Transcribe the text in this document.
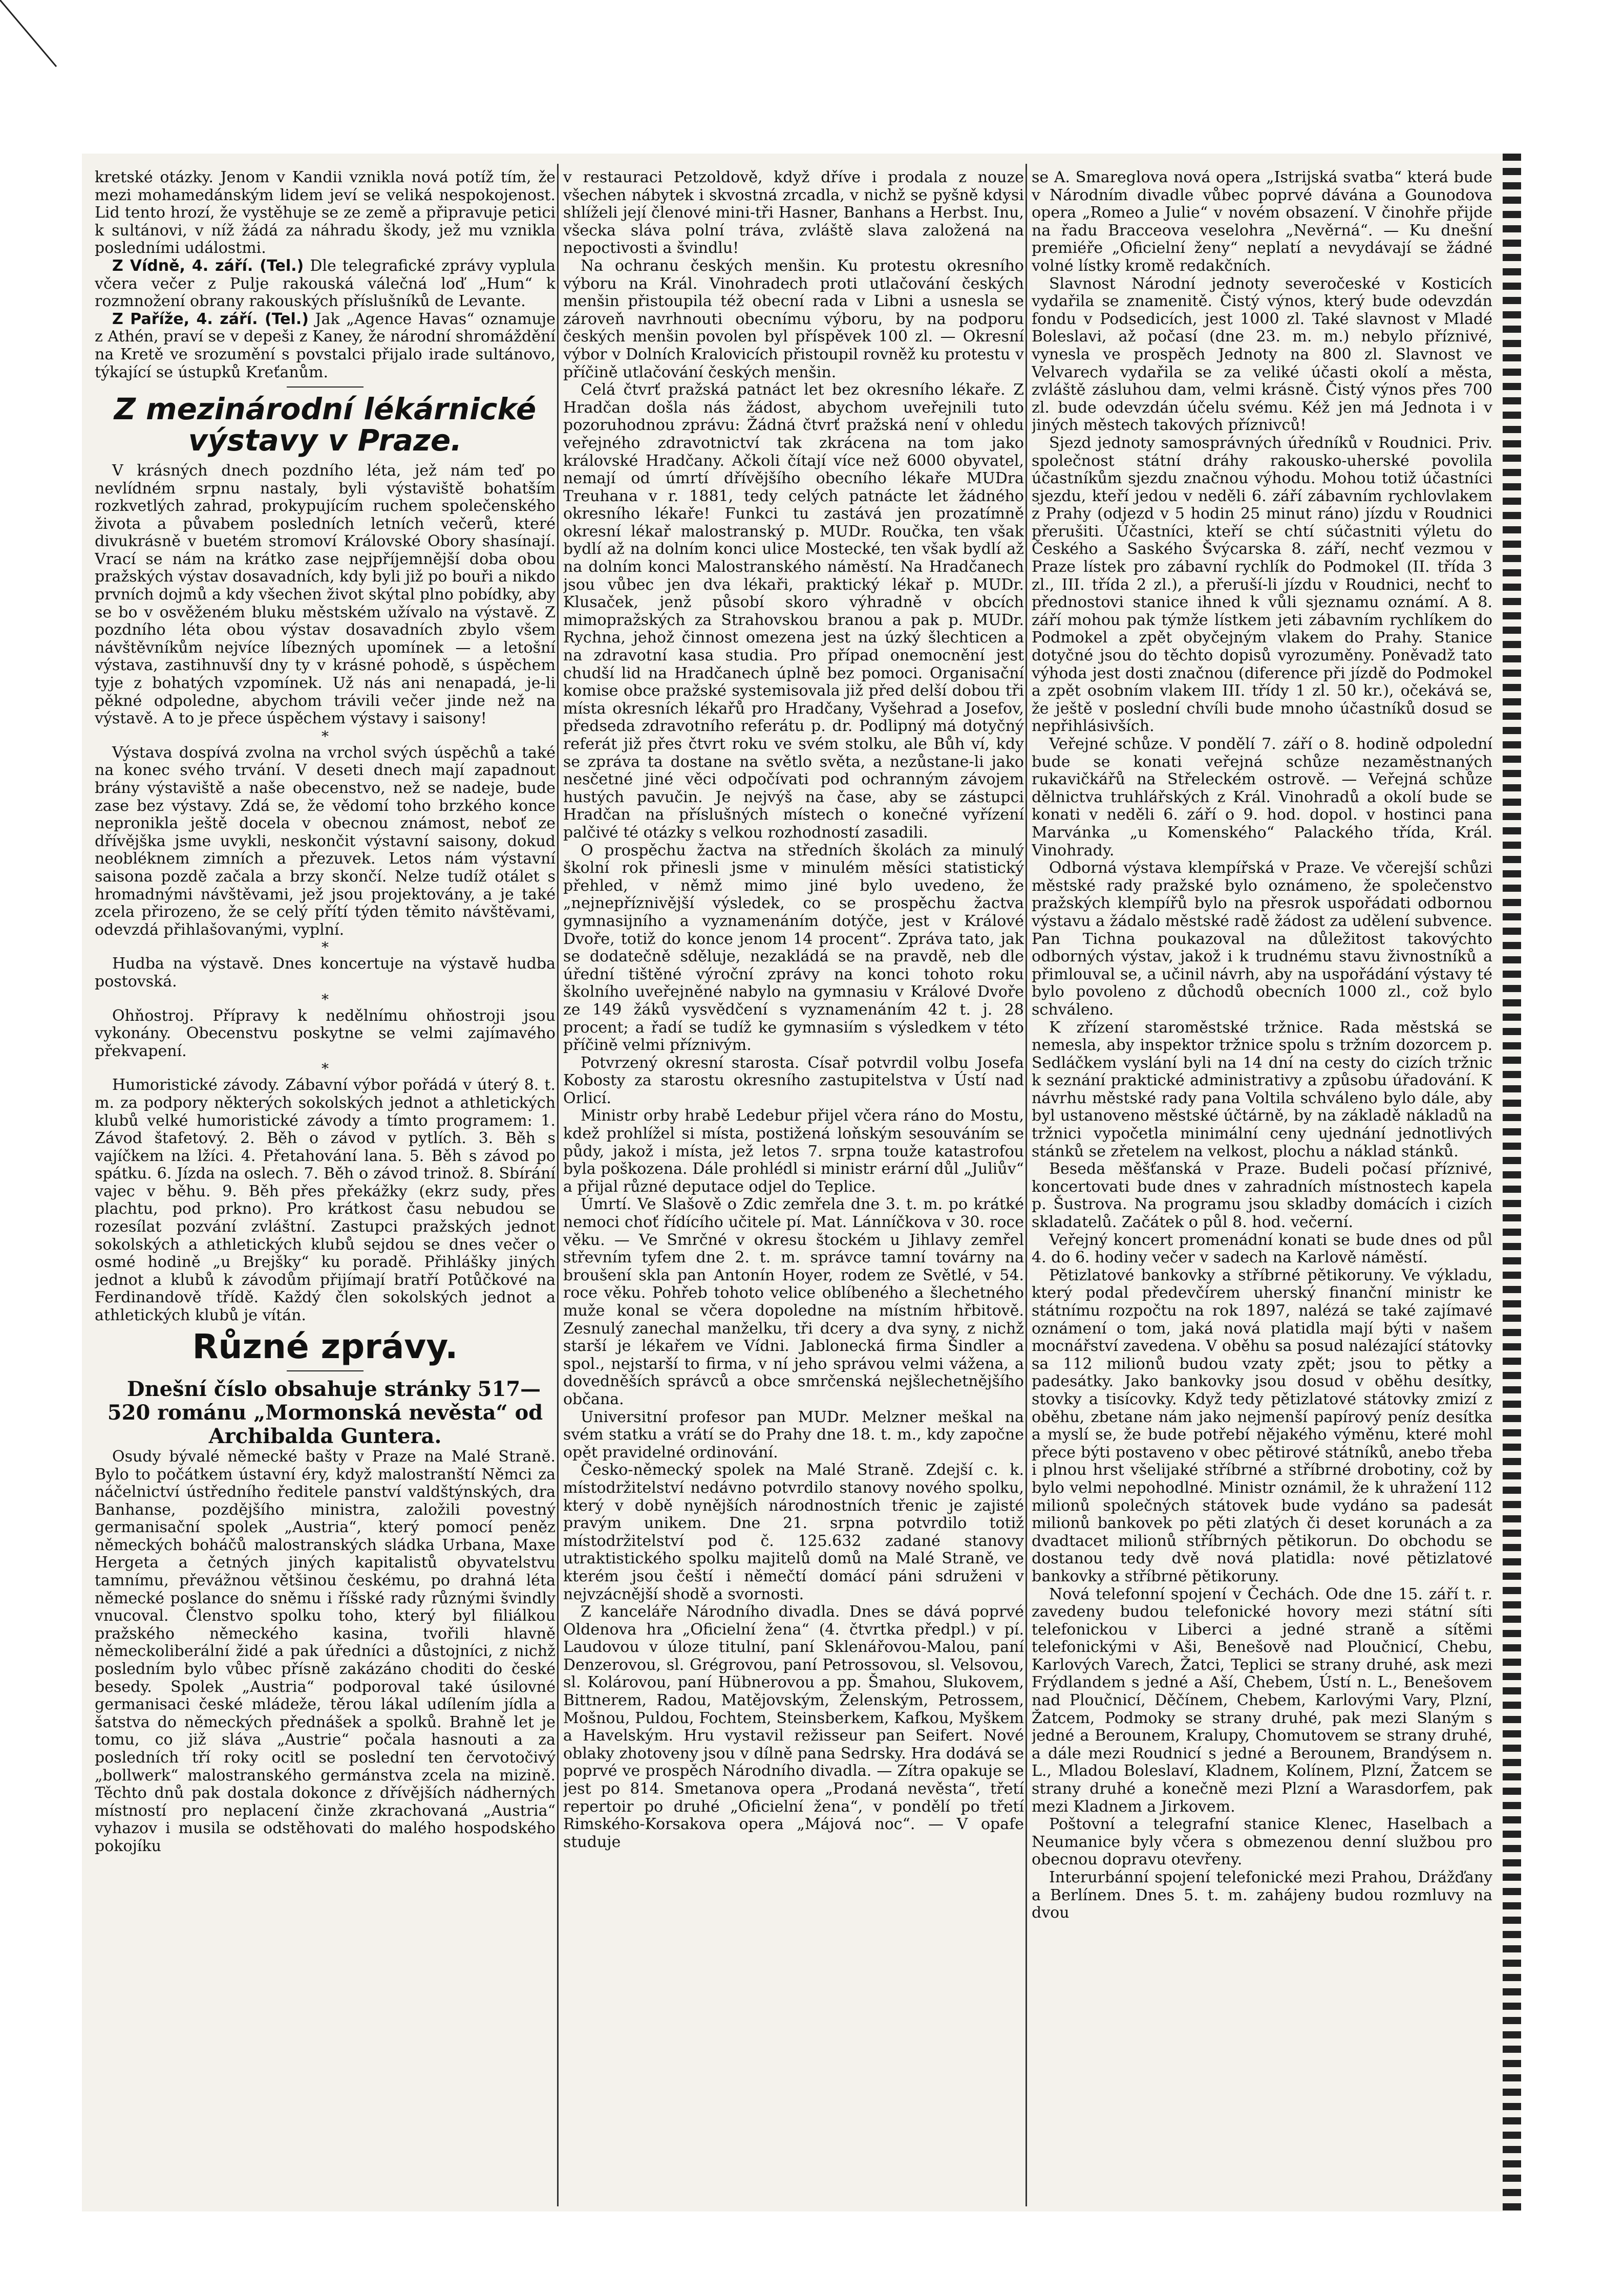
kretské otázky. Jenom v Kandii vznikla nová potíž tím, že mezi mohamedánským lidem jeví se veliká nespokojenost. Lid tento hrozí, že vystěhuje se ze země a připravuje petici k sultánovi, v níž žádá za náhradu škody, jež mu vznikla posledními událostmi.

Z Vídně, 4. září. (Tel.) Dle telegrafické zprávy vyplula včera večer z Pulje rakouská válečná loď „Hum“ k rozmnožení obrany rakouských příslušníků de Levante.

Z Paříže, 4. září. (Tel.) Jak „Agence Havas“ oznamuje z Athén, praví se v depeši z Kaney, že národní shromáždění na Kretě ve srozumění s povstalci přijalo irade sultánovo, týkající se ústupků Kreťanům.

Z mezinárodní lékárnické výstavy v Praze.

V krásných dnech pozdního léta, jež nám teď po nevlídném srpnu nastaly, byli výstaviště bohatším rozkvetlých zahrad, prokypujícím ruchem společenského života a půvabem posledních letních večerů, které divukrásně v buetém stromoví Královské Obory shasínají. Vrací se nám na krátko zase nejpříjemnější doba obou pražských výstav dosavadních, kdy byli již po bouři a nikdo prvních dojmů a kdy všechen život skýtal plno pobídky, aby se bo v osvěženém bluku městském užívalo na výstavě. Z pozdního léta obou výstav dosavadních zbylo všem návštěvníkům nejvíce líbezných upomínek — a letošní výstava, zastihnuvší dny ty v krásné pohodě, s úspěchem tyje z bohatých vzpomínek. Už nás ani nenapadá, je-li pěkné odpoledne, abychom trávili večer jinde než na výstavě. A to je přece úspěchem výstavy i saisony!

*

Výstava dospívá zvolna na vrchol svých úspěchů a také na konec svého trvání. V deseti dnech mají zapadnout brány výstaviště a naše obecenstvo, než se nadeje, bude zase bez výstavy. Zdá se, že vědomí toho brzkého konce nepronikla ještě docela v obecnou známost, neboť ze dřívějška jsme uvykli, neskončit výstavní saisony, dokud neobléknem zimních a přezuvek. Letos nám výstavní saisona pozdě začala a brzy skončí. Nelze tudíž otálet s hromadnými návštěvami, jež jsou projektovány, a je také zcela přirozeno, že se celý přítí týden těmito návštěvami, odevzdá přihlašovanými, vyplní.

*

Hudba na výstavě. Dnes koncertuje na výstavě hudba postovská.

*

Ohňostroj. Přípravy k nedělnímu ohňostroji jsou vykonány. Obecenstvu poskytne se velmi zajímavého překvapení.

*

Humoristické závody. Zábavní výbor pořádá v úterý 8. t. m. za podpory některých sokolských jednot a athletických klubů velké humoristické závody a tímto programem: 1. Závod štafetový. 2. Běh o závod v pytlích. 3. Běh s vajíčkem na lžíci. 4. Přetahování lana. 5. Běh s závod po spátku. 6. Jízda na oslech. 7. Běh o závod trinož. 8. Sbírání vajec v běhu. 9. Běh přes překážky (ekrz sudy, přes plachtu, pod prkno). Pro krátkost času nebudou se rozesílat pozvání zvláštní. Zastupci pražských jednot sokolských a athletických klubů sejdou se dnes večer o osmé hodině „u Brejšky“ ku poradě. Přihlášky jiných jednot a klubů k závodům přijímají bratří Potůčkové na Ferdinandově třídě. Každý člen sokolských jednot a athletických klubů je vítán.

Různé zprávy.

Dnešní číslo obsahuje stránky 517—520 románu „Mormonská nevěsta“ od Archibalda Guntera.

Osudy bývalé německé bašty v Praze na Malé Straně. Bylo to počátkem ústavní éry, když malostranští Němci za náčelnictví ústředního ředitele panství valdštýnských, dra Banhanse, pozdějšího ministra, založili povestný germanisační spolek „Austria“, který pomocí peněz německých boháčů malostranských sládka Urbana, Maxe Hergeta a četných jiných kapitalistů obyvatelstvu tamnímu, převážnou většinou českému, po drahná léta německé poslance do sněmu i říšské rady různými švindly vnucoval. Členstvo spolku toho, který byl filiálkou pražského německého kasina, tvořili hlavně německoliberální židé a pak úředníci a důstojníci, z nichž posledním bylo vůbec přísně zakázáno choditi do české besedy. Spolek „Austria“ podporoval také úsilovné germanisaci české mládeže, těrou lákal udílením jídla a šatstva do německých přednášek a spolků. Brahně let je tomu, co již sláva „Austrie“ počala hasnouti a za posledních tří roky ocitl se poslední ten červotočivý „bollwerk“ malostranského germánstva zcela na mizině. Těchto dnů pak dostala dokonce z dřívějších nádherných místností pro neplacení činže zkrachovaná „Austria“ vyhazov i musila se odstěhovati do malého hospodského pokojíku

v restauraci Petzoldově, když dříve i prodala z nouze všechen nábytek i skvostná zrcadla, v nichž se pyšně kdysi shlíželi její členové mini-tři Hasner, Banhans a Herbst. Inu, všecka sláva polní tráva, zvláště slava založená na nepoctivosti a švindlu!

Na ochranu českých menšin. Ku protestu okresního výboru na Král. Vinohradech proti utlačování českých menšin přistoupila též obecní rada v Libni a usnesla se zároveň navrhnouti obecnímu výboru, by na podporu českých menšin povolen byl příspěvek 100 zl. — Okresní výbor v Dolních Kralovicích přistoupil rovněž ku protestu v příčině utlačování českých menšin.

Celá čtvrť pražská patnáct let bez okresního lékaře. Z Hradčan došla nás žádost, abychom uveřejnili tuto pozoruhodnou zprávu: Žádná čtvrť pražská není v ohledu veřejného zdravotnictví tak zkrácena na tom jako královské Hradčany. Ačkoli čítají více než 6000 obyvatel, nemají od úmrtí dřívějšího obecního lékaře MUDra Treuhana v r. 1881, tedy celých patnácte let žádného okresního lékaře! Funkci tu zastává jen prozatímně okresní lékař malostranský p. MUDr. Roučka, ten však bydlí až na dolním konci ulice Mostecké, ten však bydlí až na dolním konci Malostranského náměstí. Na Hradčanech jsou vůbec jen dva lékaři, praktický lékař p. MUDr. Klusaček, jenž působí skoro výhradně v obcích mimopražských za Strahovskou branou a pak p. MUDr. Rychna, jehož činnost omezena jest na úzký šlechticen a na zdravotní kasa studia. Pro případ onemocnění jest chudší lid na Hradčanech úplně bez pomoci. Organisační komise obce pražské systemisovala již před delší dobou tři místa okresních lékařů pro Hradčany, Vyšehrad a Josefov, předseda zdravotního referátu p. dr. Podlipný má dotyčný referát již přes čtvrt roku ve svém stolku, ale Bůh ví, kdy se zpráva ta dostane na světlo světa, a nezůstane-li jako nesčetné jiné věci odpočívati pod ochranným závojem hustých pavučin. Je nejvýš na čase, aby se zástupci Hradčan na příslušných místech o konečné vyřízení palčivé té otázky s velkou rozhodností zasadili.

O prospěchu žactva na středních školách za minulý školní rok přinesli jsme v minulém měsíci statistický přehled, v němž mimo jiné bylo uvedeno, že „nejnepříznivější výsledek, co se prospěchu žactva gymnasijního a vyznamenáním dotýče, jest v Králové Dvoře, totiž do konce jenom 14 procent“. Zpráva tato, jak se dodatečně sděluje, nezakládá se na pravdě, neb dle úřední tištěné výroční zprávy na konci tohoto roku školního uveřejněné nabylo na gymnasiu v Králové Dvoře ze 149 žáků vysvědčení s vyznamenáním 42 t. j. 28 procent; a řadí se tudíž ke gymnasiím s výsledkem v této příčině velmi příznivým.

Potvrzený okresní starosta. Císař potvrdil volbu Josefa Kobosty za starostu okresního zastupitelstva v Ústí nad Orlicí.

Ministr orby hrabě Ledebur přijel včera ráno do Mostu, kdež prohlížel si místa, postižená loňským sesouváním se půdy, jakož i místa, jež letos 7. srpna touže katastrofou byla poškozena. Dále prohlédl si ministr erární důl „Juliův“ a přijal různé deputace odjel do Teplice.

Úmrtí. Ve Slašově o Zdic zemřela dne 3. t. m. po krátké nemoci choť řídícího učitele pí. Mat. Lánníčkova v 30. roce věku. — Ve Smrčné v okresu štockém u Jihlavy zemřel střevním tyfem dne 2. t. m. správce tamní továrny na broušení skla pan Antonín Hoyer, rodem ze Světlé, v 54. roce věku. Pohřeb tohoto velice oblíbeného a šlechetného muže konal se včera dopoledne na místním hřbitově. Zesnulý zanechal manželku, tři dcery a dva syny, z nichž starší je lékařem ve Vídni. Jablonecká firma Šindler a spol., nejstarší to firma, v ní jeho správou velmi vážena, a dovedněších správců a obce smrčenská nejšlechetnějšího občana.

Universitní profesor pan MUDr. Melzner meškal na svém statku a vrátí se do Prahy dne 18. t. m., kdy započne opět pravidelné ordinování.

Česko-německý spolek na Malé Straně. Zdejší c. k. místodržitelství nedávno potvrdilo stanovy nového spolku, který v době nynějších národnostních třenic je zajisté pravým unikem. Dne 21. srpna potvrdilo totiž místodržitelství pod č. 125.632 zadané stanovy utraktistického spolku majitelů domů na Malé Straně, ve kterém jsou čeští i němečtí domácí páni sdruženi v nejvzácnější shodě a svornosti.

Z kanceláře Národního divadla. Dnes se dává poprvé Oldenova hra „Oficielní žena“ (4. čtvrtka předpl.) v pí. Laudovou v úloze titulní, paní Sklenářovou-Malou, paní Denzerovou, sl. Grégrovou, paní Petrossovou, sl. Velsovou, sl. Kolárovou, paní Hübnerovou a pp. Šmahou, Slukovem, Bittnerem, Radou, Matějovským, Želenským, Petrossem, Mošnou, Puldou, Fochtem, Steinsberkem, Kafkou, Myškem a Havelským. Hru vystavil režisseur pan Seifert. Nové oblaky zhotoveny jsou v dílně pana Sedrsky. Hra dodává se poprvé ve prospěch Národního divadla. — Zítra opakuje se jest po 814. Smetanova opera „Prodaná nevěsta“, třetí repertoir po druhé „Oficielní žena“, v pondělí po třetí Rimského-Korsakova opera „Májová noc“. — V opafe studuje

se A. Smareglova nová opera „Istrijská svatba“ která bude v Národním divadle vůbec poprvé dávána a Gounodova opera „Romeo a Julie“ v novém obsazení. V činohře přijde na řadu Bracceova veselohra „Nevěrná“. — Ku dnešní premiéře „Oficielní ženy“ neplatí a nevydávají se žádné volné lístky kromě redakčních.

Slavnost Národní jednoty severočeské v Kosticích vydařila se znamenitě. Čistý výnos, který bude odevzdán fondu v Podsedicích, jest 1000 zl. Také slavnost v Mladé Boleslavi, až počasí (dne 23. m. m.) nebylo příznivé, vynesla ve prospěch Jednoty na 800 zl. Slavnost ve Velvarech vydařila se za veliké účasti okolí a města, zvláště zásluhou dam, velmi krásně. Čistý výnos přes 700 zl. bude odevzdán účelu svému. Kéž jen má Jednota i v jiných městech takových příznivců!

Sjezd jednoty samosprávných úředníků v Roudnici. Priv. společnost státní dráhy rakousko-uherské povolila účastníkům sjezdu značnou výhodu. Mohou totiž účastníci sjezdu, kteří jedou v neděli 6. září zábavním rychlovlakem z Prahy (odjezd v 5 hodin 25 minut ráno) jízdu v Roudnici přerušiti. Účastníci, kteří se chtí súčastniti výletu do Českého a Saského Švýcarska 8. září, nechť vezmou v Praze lístek pro zábavní rychlík do Podmokel (II. třída 3 zl., III. třída 2 zl.), a přeruší-li jízdu v Roudnici, nechť to přednostovi stanice ihned k vůli sjeznamu oznámí. A 8. září mohou pak týmže lístkem jeti zábavním rychlíkem do Podmokel a zpět obyčejným vlakem do Prahy. Stanice dotyčné jsou do těchto dopisů vyrozuměny. Poněvadž tato výhoda jest dosti značnou (diference při jízdě do Podmokel a zpět osobním vlakem III. třídy 1 zl. 50 kr.), očekává se, že ještě v poslední chvíli bude mnoho účastníků dosud se nepřihlásivších.

Veřejné schůze. V pondělí 7. září o 8. hodině odpolední bude se konati veřejná schůze nezaměstnaných rukavičkářů na Střeleckém ostrově. — Veřejná schůze dělnictva truhlářských z Král. Vinohradů a okolí bude se konati v neděli 6. září o 9. hod. dopol. v hostinci pana Marvánka „u Komenského“ Palackého třída, Král. Vinohrady.

Odborná výstava klempířská v Praze. Ve včerejší schůzi městské rady pražské bylo oznámeno, že společenstvo pražských klempířů bylo na přesrok uspořádati odbornou výstavu a žádalo městské radě žádost za udělení subvence. Pan Tichna poukazoval na důležitost takovýchto odborných výstav, jakož i k trudnému stavu živnostníků a přimlouval se, a učinil návrh, aby na uspořádání výstavy té bylo povoleno z důchodů obecních 1000 zl., což bylo schváleno.

K zřízení staroměstské tržnice. Rada městská se nemesla, aby inspektor tržnice spolu s tržním dozorcem p. Sedláčkem vyslání byli na 14 dní na cesty do cizích tržnic k seznání praktické administrativy a způsobu úřadování. K návrhu městské rady pana Voltila schváleno bylo dále, aby byl ustanoveno městské účtárně, by na základě nákladů na tržnici vypočetla minimální ceny ujednání jednotlivých stánků se zřetelem na velkost, plochu a náklad stánků.

Beseda měšťanská v Praze. Budeli počasí příznivé, koncertovati bude dnes v zahradních místnostech kapela p. Šustrova. Na programu jsou skladby domácích i cizích skladatelů. Začátek o půl 8. hod. večerní.

Veřejný koncert promenádní konati se bude dnes od půl 4. do 6. hodiny večer v sadech na Karlově náměstí.

Pětizlatové bankovky a stříbrné pětikoruny. Ve výkladu, který podal předevčírem uherský finanční ministr ke státnímu rozpočtu na rok 1897, nalézá se také zajímavé oznámení o tom, jaká nová platidla mají býti v našem mocnářství zavedena. V oběhu sa posud nalézající státovky sa 112 milionů budou vzaty zpět; jsou to pětky a padesátky. Jako bankovky jsou dosud v oběhu desítky, stovky a tisícovky. Když tedy pětizlatové státovky zmizí z oběhu, zbetane nám jako nejmenší papírový peníz desítka a myslí se, že bude potřebí nějakého výměnu, které mohl přece býti postaveno v obec pětirové státníků, anebo třeba i plnou hrst všelijaké stříbrné a stříbrné drobotiny, což by bylo velmi nepohodlné. Ministr oznámil, že k uhražení 112 milionů společných státovek bude vydáno sa padesát milionů bankovek po pěti zlatých či deset korunách a za dvadtacet milionů stříbrných pětikorun. Do obchodu se dostanou tedy dvě nová platidla: nové pětizlatové bankovky a stříbrné pětikoruny.

Nová telefonní spojení v Čechách. Ode dne 15. září t. r. zavedeny budou telefonické hovory mezi státní síti telefonickou v Liberci a jedné straně a sítěmi telefonickými v Aši, Benešově nad Ploučnicí, Chebu, Karlových Varech, Žatci, Teplici se strany druhé, ask mezi Frýdlandem s jedné a Aší, Chebem, Ústí n. L., Benešovem nad Ploučnicí, Děčínem, Chebem, Karlovými Vary, Plzní, Žatcem, Podmoky se strany druhé, pak mezi Slaným s jedné a Berounem, Kralupy, Chomutovem se strany druhé, a dále mezi Roudnicí s jedné a Berounem, Brandýsem n. L., Mladou Boleslaví, Kladnem, Kolínem, Plzní, Žatcem se strany druhé a konečně mezi Plzní a Warasdorfem, pak mezi Kladnem a Jirkovem.

Poštovní a telegrafní stanice Klenec, Haselbach a Neumanice byly včera s obmezenou denní službou pro obecnou dopravu otevřeny.

Interurbánní spojení telefonické mezi Prahou, Drážďany a Berlínem. Dnes 5. t. m. zahájeny budou rozmluvy na dvou
